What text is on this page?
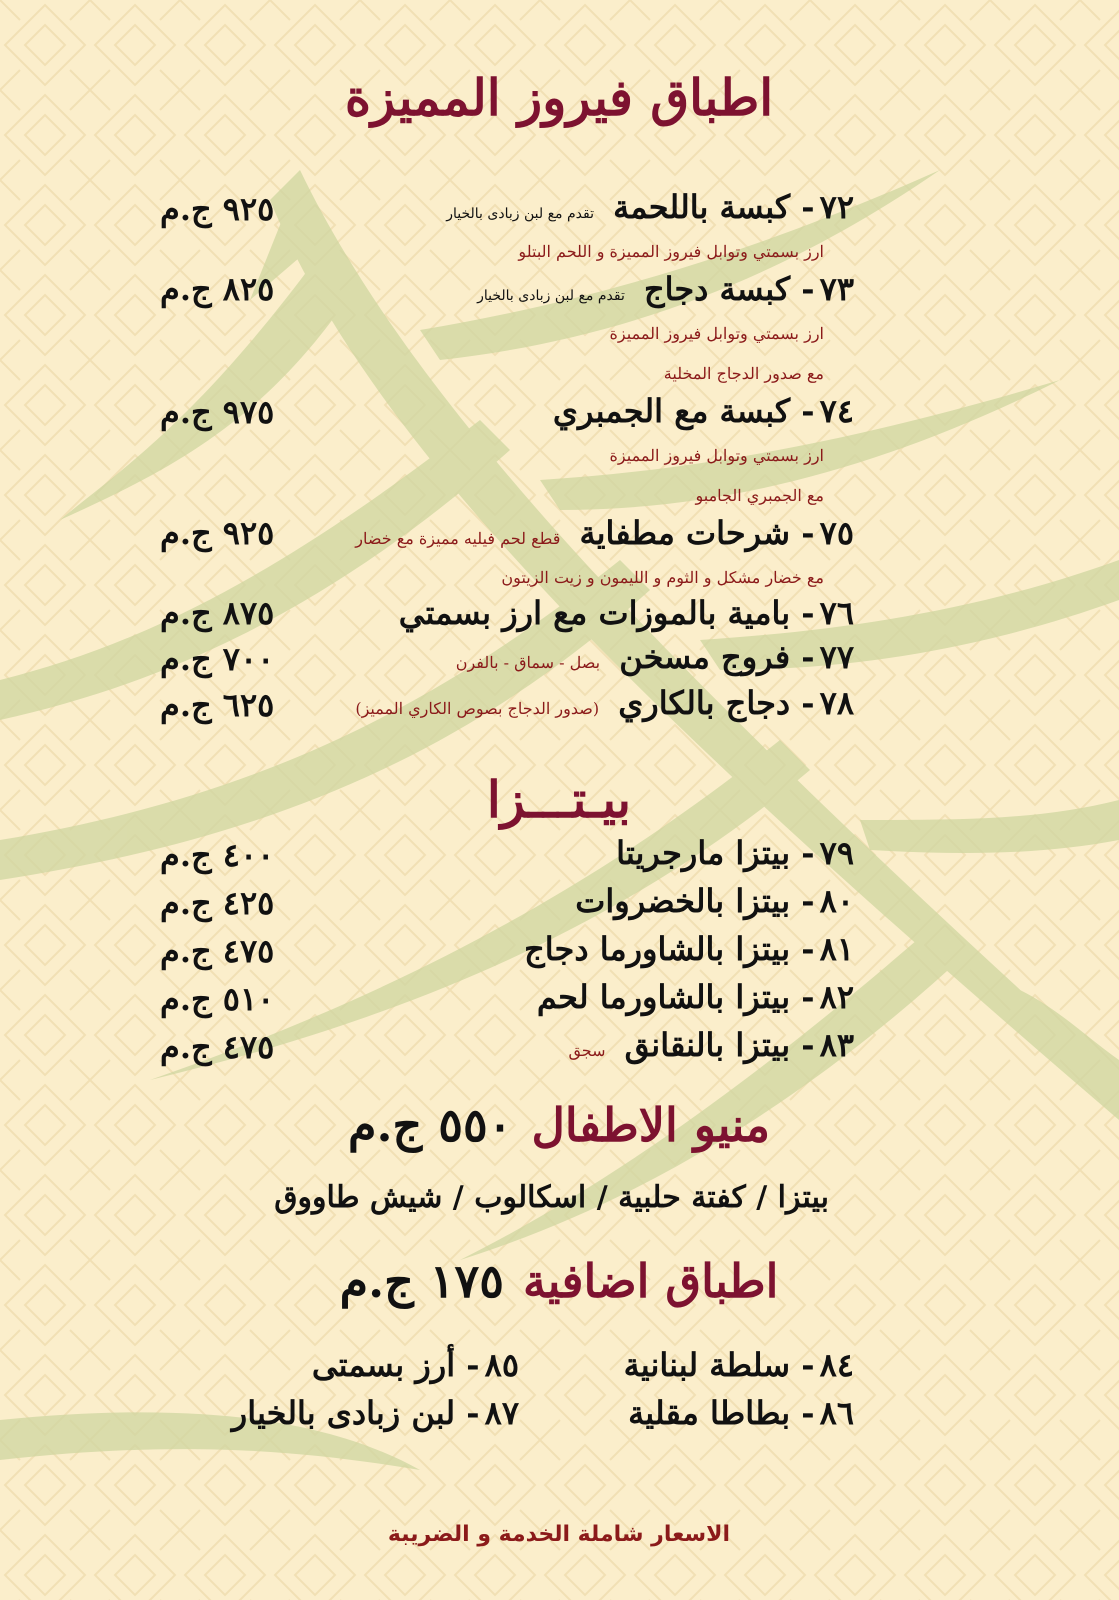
اطباق فيروز المميزة
٧٢ - كبسة باللحمة تقدم مع لبن زبادى بالخيار
٩٢٥ ج.م
ارز بسمتي وتوابل فيروز المميزة و اللحم البتلو
٧٣ - كبسة دجاج تقدم مع لبن زبادى بالخيار
٨٢٥ ج.م
ارز بسمتي وتوابل فيروز المميزة
مع صدور الدجاج المخلية
٧٤ - كبسة مع الجمبري
٩٧٥ ج.م
ارز بسمتي وتوابل فيروز المميزة
مع الجمبري الجامبو
٧٥ - شرحات مطفاية قطع لحم فيليه مميزة مع خضار
٩٢٥ ج.م
مع خضار مشكل و الثوم و الليمون و زيت الزيتون
٧٦ - بامية بالموزات مع ارز بسمتي
٨٧٥ ج.م
٧٧ - فروج مسخن بصل - سماق - بالفرن
٧٠٠ ج.م
٧٨ - دجاج بالكاري (صدور الدجاج بصوص الكاري المميز)
٦٢٥ ج.م
بيـتـــزا
٧٩ - بيتزا مارجريتا
٤٠٠ ج.م
٨٠ - بيتزا بالخضروات
٤٢٥ ج.م
٨١ - بيتزا بالشاورما دجاج
٤٧٥ ج.م
٨٢ - بيتزا بالشاورما لحم
٥١٠ ج.م
٨٣ - بيتزا بالنقانق سجق
٤٧٥ ج.م
منيو الاطفال ٥٥٠ ج.م
بيتزا / كفتة حلبية / اسكالوب / شيش طاووق
اطباق اضافية ١٧٥ ج.م
٨٤ - سلطة لبنانية
٨٥ - أرز بسمتى
٨٦ - بطاطا مقلية
٨٧ - لبن زبادى بالخيار
الاسعار شاملة الخدمة و الضريبة
